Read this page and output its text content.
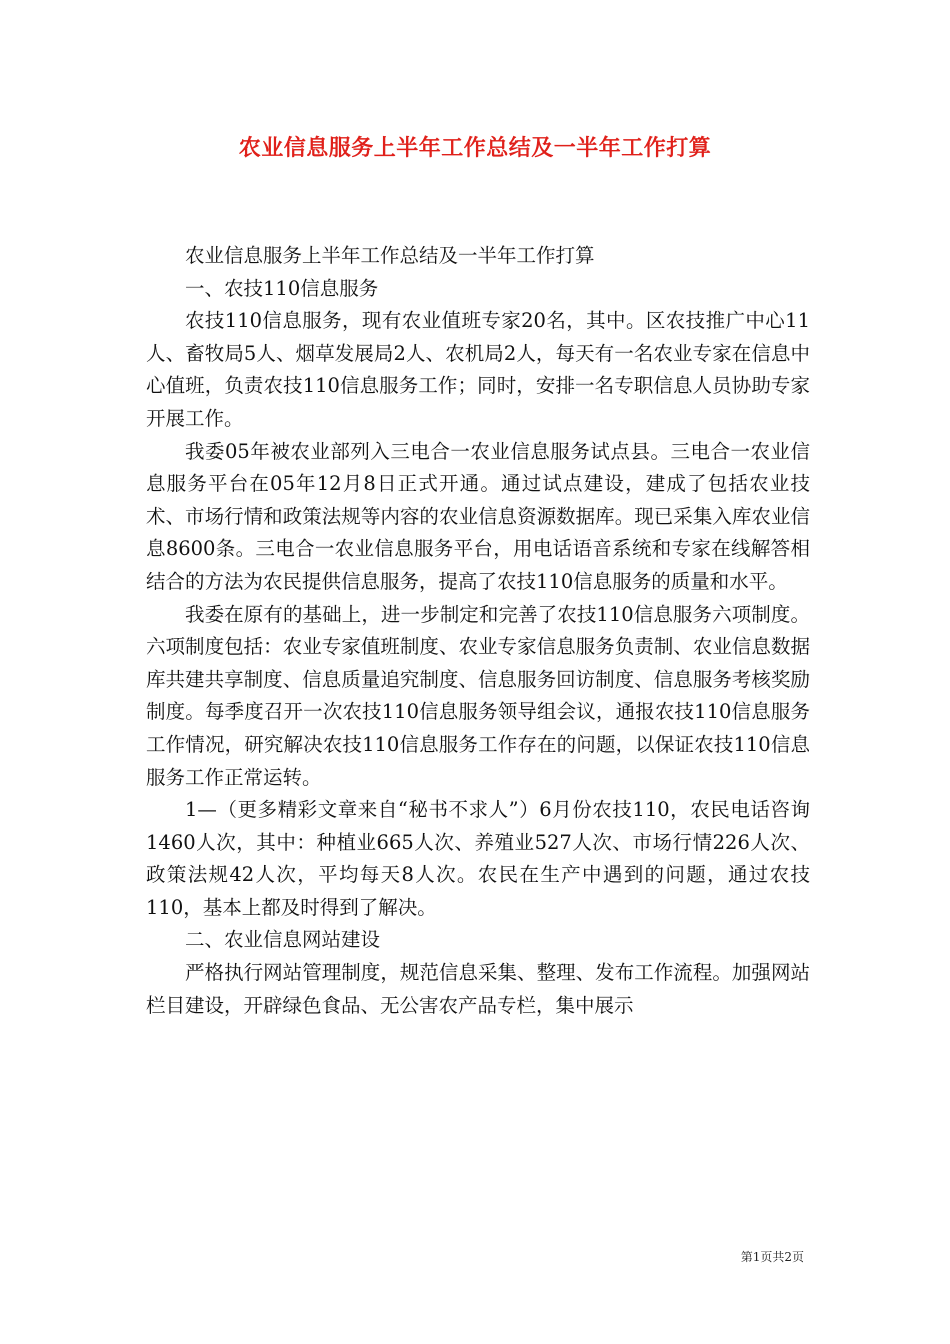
农业信息服务上半年工作总结及一半年工作打算

农业信息服务上半年工作总结及一半年工作打算

一、农技110信息服务

农技110信息服务，现有农业值班专家20名，其中。区农技推广中心11人、畜牧局5人、烟草发展局2人、农机局2人，每天有一名农业专家在信息中心值班，负责农技110信息服务工作；同时，安排一名专职信息人员协助专家开展工作。

我委05年被农业部列入三电合一农业信息服务试点县。三电合一农业信息服务平台在05年12月8日正式开通。通过试点建设，建成了包括农业技术、市场行情和政策法规等内容的农业信息资源数据库。现已采集入库农业信息8600条。三电合一农业信息服务平台，用电话语音系统和专家在线解答相结合的方法为农民提供信息服务，提高了农技110信息服务的质量和水平。

我委在原有的基础上，进一步制定和完善了农技110信息服务六项制度。六项制度包括：农业专家值班制度、农业专家信息服务负责制、农业信息数据库共建共享制度、信息质量追究制度、信息服务回访制度、信息服务考核奖励制度。每季度召开一次农技110信息服务领导组会议，通报农技110信息服务工作情况，研究解决农技110信息服务工作存在的问题，以保证农技110信息服务工作正常运转。

1—（更多精彩文章来自“秘书不求人”）6月份农技110，农民电话咨询1460人次，其中：种植业665人次、养殖业527人次、市场行情226人次、政策法规42人次，平均每天8人次。农民在生产中遇到的问题，通过农技110，基本上都及时得到了解决。

二、农业信息网站建设

严格执行网站管理制度，规范信息采集、整理、发布工作流程。加强网站栏目建设，开辟绿色食品、无公害农产品专栏，集中展示

第1页共2页
